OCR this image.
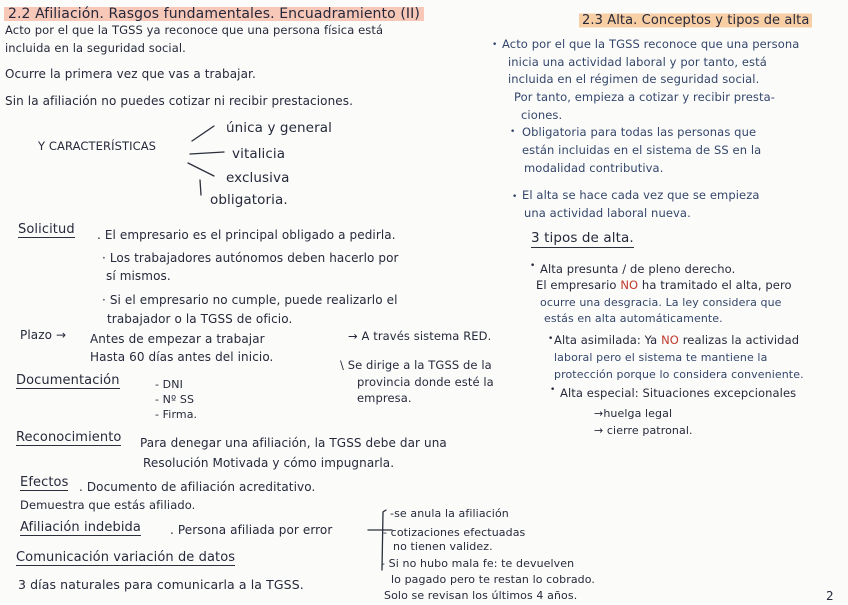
2.2 Afiliación. Rasgos fundamentales. Encuadramiento (II)
Acto por el que la TGSS ya reconoce que una persona física está
incluida en la seguridad social.
Ocurre la primera vez que vas a trabajar.
Sin la afiliación no puedes cotizar ni recibir prestaciones.
Y CARACTERÍSTICAS
única y general
vitalicia
exclusiva
obligatoria.
Solicitud . El empresario es el principal obligado a pedirla.
· Los trabajadores autónomos deben hacerlo por
sí mismos.
· Si el empresario no cumple, puede realizarlo el
trabajador o la TGSS de oficio.
Plazo → Antes de empezar a trabajar
Hasta 60 días antes del inicio.
→ A través sistema RED.
\ Se dirige a la TGSS de la
provincia donde esté la
empresa.
Documentación	- DNI
- Nº SS
- Firma.
Reconocimiento Para denegar una afiliación, la TGSS debe dar una
Resolución Motivada y cómo impugnarla.
Efectos . Documento de afiliación acreditativo.
Demuestra que estás afiliado.
Afiliación indebida . Persona afiliada por error
-se anula la afiliación
- cotizaciones efectuadas
no tienen validez.
- Si no hubo mala fe: te devuelven
lo pagado pero te restan lo cobrado.
Solo se revisan los últimos 4 años.
Comunicación variación de datos
3 días naturales para comunicarla a la TGSS.
2.3 Alta. Conceptos y tipos de alta
• Acto por el que la TGSS reconoce que una persona
inicia una actividad laboral y por tanto, está
incluida en el régimen de seguridad social.
Por tanto, empieza a cotizar y recibir presta-
ciones.
• Obligatoria para todas las personas que
están incluidas en el sistema de SS en la
modalidad contributiva.
• El alta se hace cada vez que se empieza
una actividad laboral nueva.
3 tipos de alta.
• Alta presunta / de pleno derecho.
El empresario NO ha tramitado el alta, pero
ocurre una desgracia. La ley considera que
estás en alta automáticamente.
• Alta asimilada: Ya NO realizas la actividad
laboral pero el sistema te mantiene la
protección porque lo considera conveniente.
• Alta especial: Situaciones excepcionales
→huelga legal
→ cierre patronal.
2
